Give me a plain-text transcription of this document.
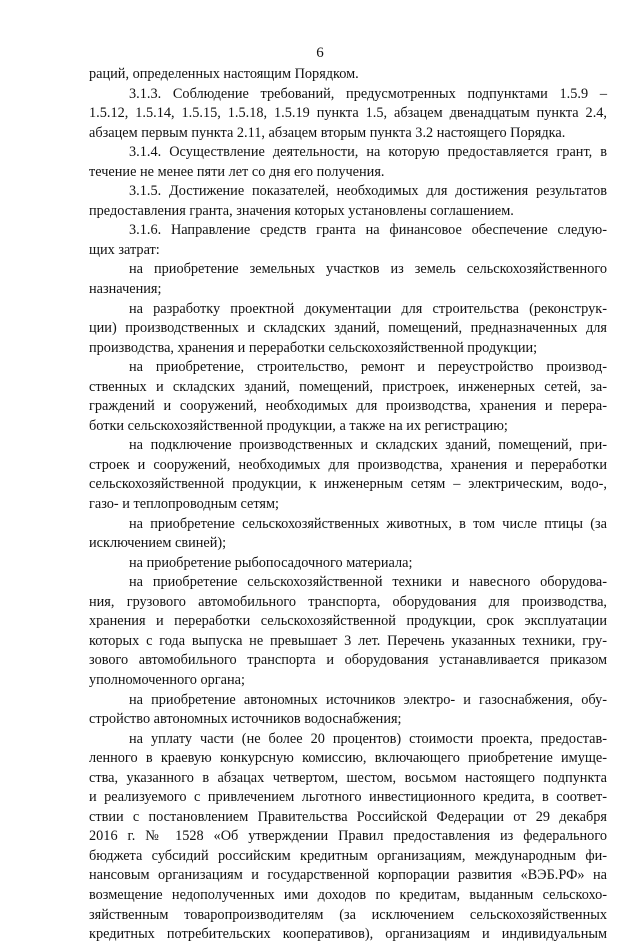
6
раций, определенных настоящим Порядком.
3.1.3. Соблюдение требований, предусмотренных подпунктами 1.5.9 –
1.5.12, 1.5.14, 1.5.15, 1.5.18, 1.5.19 пункта 1.5, абзацем двенадцатым пункта 2.4,
абзацем первым пункта 2.11, абзацем вторым пункта 3.2 настоящего Порядка.
3.1.4. Осуществление деятельности, на которую предоставляется грант, в
течение не менее пяти лет со дня его получения.
3.1.5. Достижение показателей, необходимых для достижения результатов
предоставления гранта, значения которых установлены соглашением.
3.1.6. Направление средств гранта на финансовое обеспечение следую-
щих затрат:
на приобретение земельных участков из земель сельскохозяйственного
назначения;
на разработку проектной документации для строительства (реконструк-
ции) производственных и складских зданий, помещений, предназначенных для
производства, хранения и переработки сельскохозяйственной продукции;
на приобретение, строительство, ремонт и переустройство производ-
ственных и складских зданий, помещений, пристроек, инженерных сетей, за-
граждений и сооружений, необходимых для производства, хранения и перера-
ботки сельскохозяйственной продукции, а также на их регистрацию;
на подключение производственных и складских зданий, помещений, при-
строек и сооружений, необходимых для производства, хранения и переработки
сельскохозяйственной продукции, к инженерным сетям – электрическим, водо-,
газо- и теплопроводным сетям;
на приобретение сельскохозяйственных животных, в том числе птицы (за
исключением свиней);
на приобретение рыбопосадочного материала;
на приобретение сельскохозяйственной техники и навесного оборудова-
ния, грузового автомобильного транспорта, оборудования для производства,
хранения и переработки сельскохозяйственной продукции, срок эксплуатации
которых с года выпуска не превышает 3 лет. Перечень указанных техники, гру-
зового автомобильного транспорта и оборудования устанавливается приказом
уполномоченного органа;
на приобретение автономных источников электро- и газоснабжения, обу-
стройство автономных источников водоснабжения;
на уплату части (не более 20 процентов) стоимости проекта, предостав-
ленного в краевую конкурсную комиссию, включающего приобретение имуще-
ства, указанного в абзацах четвертом, шестом, восьмом настоящего подпункта
и реализуемого с привлечением льготного инвестиционного кредита, в соответ-
ствии с постановлением Правительства Российской Федерации от 29 декабря
2016 г. № 1528 «Об утверждении Правил предоставления из федерального
бюджета субсидий российским кредитным организациям, международным фи-
нансовым организациям и государственной корпорации развития «ВЭБ.РФ» на
возмещение недополученных ими доходов по кредитам, выданным сельскохо-
зяйственным товаропроизводителям (за исключением сельскохозяйственных
кредитных потребительских кооперативов), организациям и индивидуальным
